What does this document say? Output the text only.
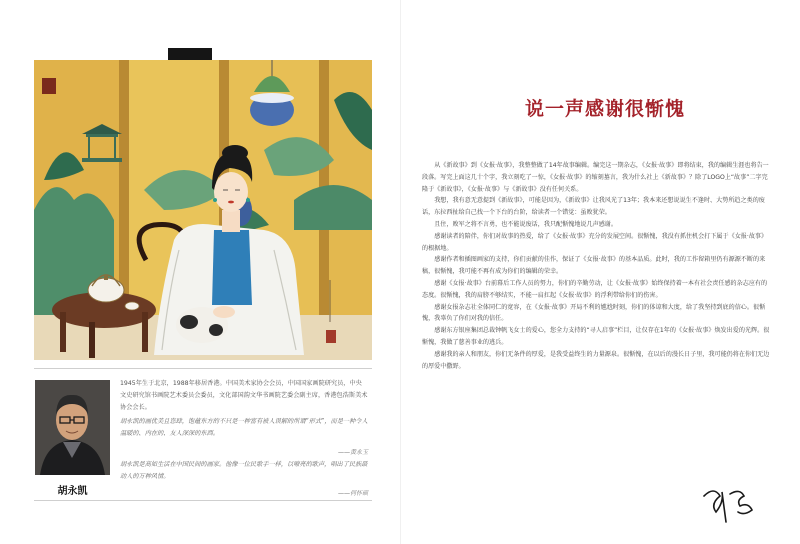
胡永凯

1945年生于北京，1988年移居香港。中国美术家协会会员，中国国家画院研究员，中央文史研究馆书画院艺术委员会委员，文化部国韵文华书画院艺委会副主席，香港包浩斯美术协会会长。

胡永凯的画优美且恣肆，饱蕴东方的不只是一种富有被人误解的所谓“形式”，而是一种令人温暖的、内在的、友人深深的东西。

——黄永玉

胡永凯是高如生活在中国民间的画家。他像一位民歌手一样，以嘹亮的歌声，唱出了民族最动人的万种风情。

——何怀硕

说一声感谢很惭愧

从《新故事》到《女报·故事》，我整整做了14年故事编辑。编完这一期杂志，《女报·故事》即将结束，我的编辑生涯也将告一段落。写完上面这几十个字，我立刻吃了一惊，《女报·故事》的缩刻墓言，我为什么社上《新故事》？除了LOGO上“故事”二字完隆于《新故事》，《女报·故事》与《新故事》没有任何关系。

我想，我有意无意提到《新故事》，可能是因为，《新故事》让我风光了13年；我本来还想说说生不逢时、大势所趋之类的废话，东拉西扯给自己找一个下台的台阶，给读者一个错觉：虽败犹荣。

且住，败军之将不言勇，也不能说废话，我只配惭愧地说几声感谢。

感谢读者的陪伴，你们对故事的热爱，给了《女报·故事》充分的发展空间。很惭愧，我没有抓住机会打下属于《女报·故事》的根据地。

感谢作者和插图画家的支持，你们贡献的佳作，保证了《女报·故事》的基本品质。此时，我的工作留箱里仍有源源不断的来稿，很惭愧，我可能不再有成为你们的编辑的荣幸。

感谢《女报·故事》台前幕后工作人员的努力，你们的辛勤劳动，让《女报·故事》始终保持着一本有社会责任感的杂志应有的态度。很惭愧，我的肩膀不够结实，不能一肩扛起《女报·故事》的浮利带给你们的伤害。

感谢女报杂志社全体同仁的宽容，在《女报·故事》开局不利的尴尬时刻，你们的体谅和大度，给了我坚持到底的信心。很惭愧，我辜负了你们对我的信任。

感谢东方银座集团总裁钟帆飞女士的爱心，您全力支持的“寻人启事”栏目，让仅存在1年的《女报·故事》焕发出爱的光辉。很惭愧，我做了慈善事业的逃兵。

感谢我的亲人和朋友，你们无条件的厚爱，是我受益终生的力量源泉。很惭愧，在以后的漫长日子里，我可能仍将在你们无边的厚爱中撒野。
